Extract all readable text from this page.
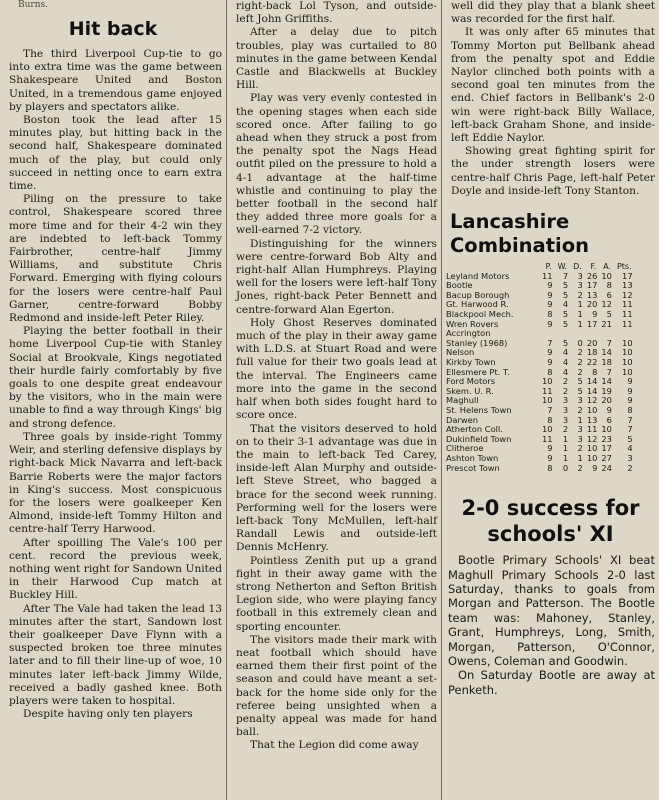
Burns.

Hit back

The third Liverpool Cup-tie to go into extra time was the game between Shakespeare United and Boston United, in a tremendous game enjoyed by players and spectators alike.

Boston took the lead after 15 minutes play, but hitting back in the second half, Shakespeare dominated much of the play, but could only succeed in netting once to earn extra time.

Piling on the pressure to take control, Shakespeare scored three more time and for their 4-2 win they are indebted to left-back Tommy Fairbrother, centre-half Jimmy Williams, and substitute Chris Forward. Emerging with flying colours for the losers were centre-half Paul Garner, centre-forward Bobby Redmond and inside-left Peter Riley.

Playing the better football in their home Liverpool Cup-tie with Stanley Social at Brookvale, Kings negotiated their hurdle fairly comfortably by five goals to one despite great endeavour by the visitors, who in the main were unable to find a way through Kings' big and strong defence.

Three goals by inside-right Tommy Weir, and sterling defensive displays by right-back Mick Navarra and left-back Barrie Roberts were the major factors in King's success. Most conspicuous for the losers were goalkeeper Ken Almond, inside-left Tommy Hilton and centre-half Terry Harwood.

After spoilling The Vale's 100 per cent. record the previous week, nothing went right for Sandown United in their Harwood Cup match at Buckley Hill.

After The Vale had taken the lead 13 minutes after the start, Sandown lost their goalkeeper Dave Flynn with a suspected broken toe three minutes later and to fill their line-up of woe, 10 minutes later left-back Jimmy Wilde, received a badly gashed knee. Both players were taken to hospital.

Despite having only ten players

right-back Lol Tyson, and outside-left John Griffiths.

After a delay due to pitch troubles, play was curtailed to 80 minutes in the game between Kendal Castle and Blackwells at Buckley Hill.

Play was very evenly contested in the opening stages when each side scored once. After failing to go ahead when they struck a post from the penalty spot the Nags Head outfit piled on the pressure to hold a 4-1 advantage at the half-time whistle and continuing to play the better football in the second half they added three more goals for a well-earned 7-2 victory.

Distinguishing for the winners were centre-forward Bob Alty and right-half Allan Humphreys. Playing well for the losers were left-half Tony Jones, right-back Peter Bennett and centre-forward Alan Egerton.

Holy Ghost Reserves dominated much of the play in their away game with L.D.S. at Stuart Road and were full value for their two goals lead at the interval. The Engineers came more into the game in the second half when both sides fought hard to score once.

That the visitors deserved to hold on to their 3-1 advantage was due in the main to left-back Ted Carey, inside-left Alan Murphy and outside-left Steve Street, who bagged a brace for the second week running. Performing well for the losers were left-back Tony McMullen, left-half Randall Lewis and outside-left Dennis McHenry.

Pointless Zenith put up a grand fight in their away game with the strong Netherton and Sefton British Legion side, who were playing fancy football in this extremely clean and sporting encounter.

The visitors made their mark with neat football which should have earned them their first point of the season and could have meant a set-back for the home side only for the referee being unsighted when a penalty appeal was made for hand ball.

That the Legion did come away

well did they play that a blank sheet was recorded for the first half.

It was only after 65 minutes that Tommy Morton put Bellbank ahead from the penalty spot and Eddie Naylor clinched both points with a second goal ten minutes from the end. Chief factors in Bellbank's 2-0 win were right-back Billy Wallace, left-back Graham Shone, and inside-left Eddie Naylor.

Showing great fighting spirit for the under strength losers were centre-half Chris Page, left-half Peter Doyle and inside-left Tony Stanton.

Lancashire
Combination
	P.	W.	D.	F.	A.	Pts.
Leyland Motors	11	7	3	26	10	17
Bootle	9	5	3	17	8	13
Bacup Borough	9	5	2	13	6	12
Gt. Harwood R.	9	4	1	20	12	11
Blackpool Mech.	8	5	1	9	5	11
Wren Rovers	9	5	1	17	21	11
Accrington						
Stanley (1968)	7	5	0	20	7	10
Nelson	9	4	2	18	14	10
Kirkby Town	9	4	2	22	18	10
Ellesmere Pt. T.	8	4	2	8	7	10
Ford Motors	10	2	5	14	14	9
Skem. U. R.	11	2	5	14	19	9
Maghull	10	3	3	12	20	9
St. Helens Town	7	3	2	10	9	8
Darwen	8	3	1	13	6	7
Atherton Coll.	10	2	3	11	10	7
Dukinfield Town	11	1	3	12	23	5
Clitheroe	9	1	2	10	17	4
Ashton Town	9	1	1	10	27	3
Prescot Town	8	0	2	9	24	2
2-0 success for
schools' XI

Bootle Primary Schools' XI beat Maghull Primary Schools 2-0 last Saturday, thanks to goals from Morgan and Patterson. The Bootle team was: Mahoney, Stanley, Grant, Humphreys, Long, Smith, Morgan, Patterson, O'Connor, Owens, Coleman and Goodwin.

On Saturday Bootle are away at Penketh.
